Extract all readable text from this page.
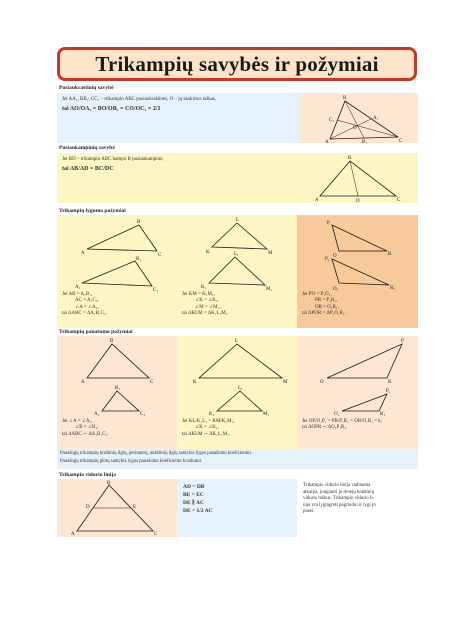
Trikampių savybės ir požymiai
Pusiaukraštinių savybė
Jei AA₁, BB₁, CC₁ – trikampio ABC pusiaukraštinės, O – jų sankirtos taškas,
tai AO/OA₁ = BO/OB₁ = CO/OC₁ = 2/1
B
C₁	A₁
O
A	B₁	C
Pusiaukampinių savybė
Jei BD – trikampio ABC kampo B pusiaukampinė,
tai AB/AD = BC/DC
B
A	D	C
Trikampių lygumo požymiai
B
A	C
B₁
A₁
C₁
L
K	M
L₁
K₁	M₁
P
O	R
P₁
R₁
O₁
Jei AB = A₁B₁,
AC = A₁C₁,
∠A = ∠A₁,
tai ΔABC = ΔA₁B₁C₁.
Jei KM = K₁M₁,
∠K = ∠K₁,
∠M = ∠M₁,
tai ΔKLM = ΔK₁L₁M₁.
Jei PO = P₁O₁,
PR = P₁R₁,
OR = O₁R₁,
tai ΔPOR = ΔP₁O₁R₁.
Trikampių panašumo požymiai
B
A	C
B₁
A₁	C₁
L
K	M
L₁
K₁	M₁
P
O	R
P₁
O₁	R₁
Jei ∠A = ∠A₁,
∠B = ∠B₁,
tai ΔABC ∼ ΔA₁B₁C₁.
Jei KL/K₁L₁ = KM/K₁M₁,
∠K = ∠K₁,
tai ΔKLM ∼ ΔK₁L₁M₁.
Jei OP/O₁P₁ = PR/P₁R₁ = OR/O₁R₁ = k,
tai ΔOPR ∼ ΔO₁P₁R₁.
Panašiųjų trikampių kraštinių ilgių, perimetrų, aukštinių ilgių santykis lygus panašumo koeficientui.
Panašiųjų trikampių plotų santykis lygus panašumo koeficiento kvadratui.
Trikampio vidurio linija
B
D	E
A	C
AD = DB
BE = EC
DE ∥ AC
DE = 1/2 AC
Trikampio vidurio linija vadinama
atkarpa, jungianti jo dviejų kraštinių
vidurio taškus. Trikampio vidurio li-
nija yra lygiagreti pagrindui ir lygi jo
pusei.
